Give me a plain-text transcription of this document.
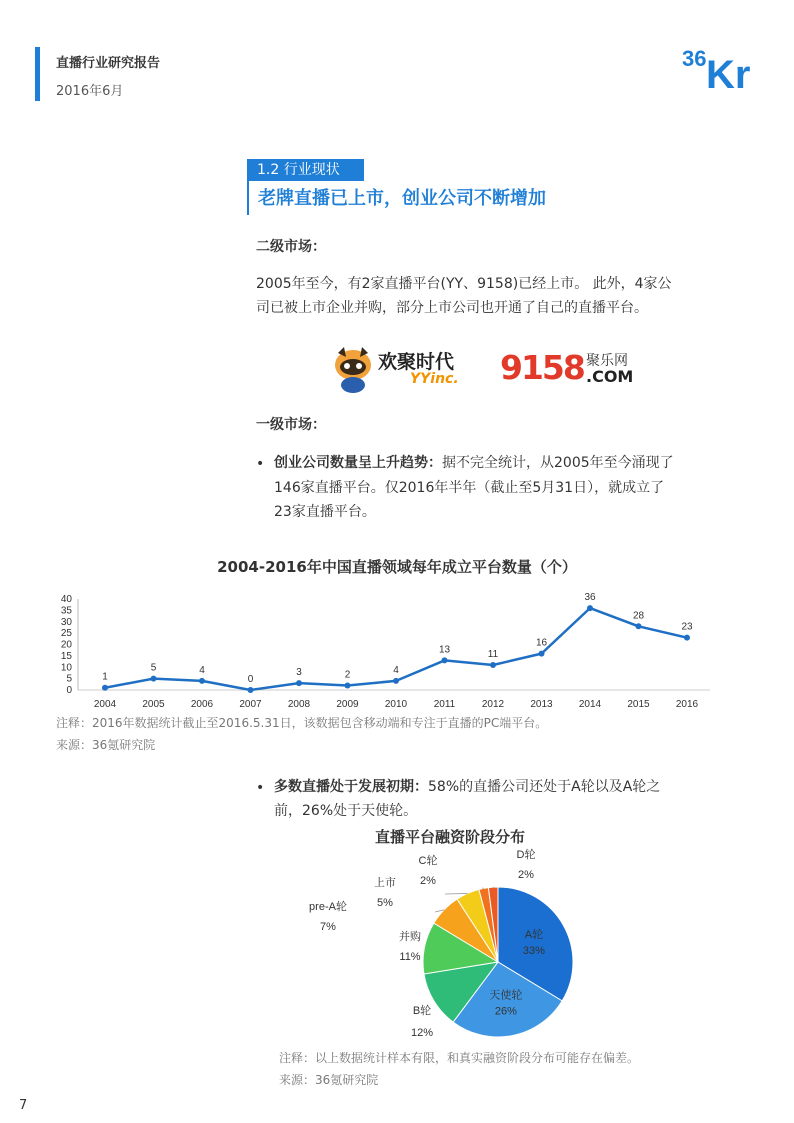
直播行业研究报告
2016年6月
36 Kr
1.2 行业现状
老牌直播已上市，创业公司不断增加
二级市场：
2005年至今，有2家直播平台(YY、9158)已经上市。 此外，4家公
司已被上市企业并购，部分上市公司也开通了自己的直播平台。
欢聚时代
YYinc. 9158 聚乐网
.COM
一级市场：
• 创业公司数量呈上升趋势：据不完全统计，从2005年至今涌现了
146家直播平台。仅2016年半年（截止至5月31日），就成立了
23家直播平台。
2004-2016年中国直播领域每年成立平台数量（个）
0
5
10
15
20
25
30
35
40
2004	2005	2006	2007	2008	2009	2010	2011	2012	2013	2014	2015	2016
1
5	4
0
3	2	4
13	11
16
36
28
23
注释：2016年数据统计截止至2016.5.31日，该数据包含移动端和专注于直播的PC端平台。
来源：36氪研究院
• 多数直播处于发展初期：58%的直播公司还处于A轮以及A轮之
前，26%处于天使轮。
直播平台融资阶段分布
A轮
33%
天使轮
26%
B轮
12%
并购
11%
pre-A轮
7%
上市
5%
C轮
2%
D轮
2%
注释：以上数据统计样本有限，和真实融资阶段分布可能存在偏差。
来源：36氪研究院
7
